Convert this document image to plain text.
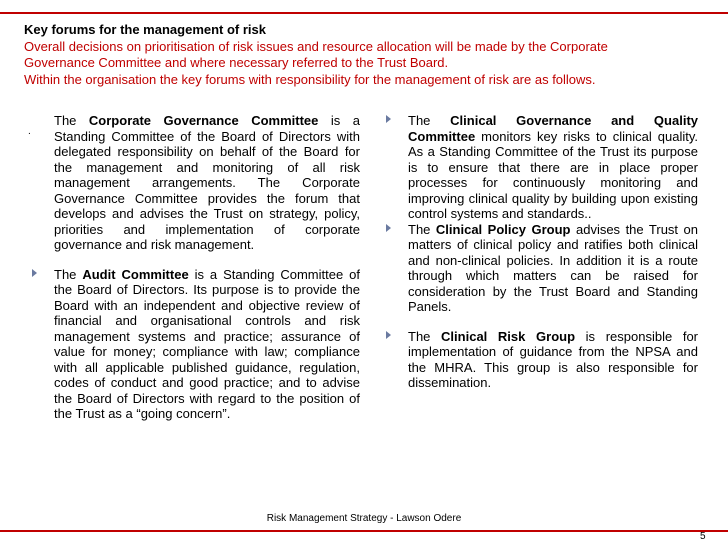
Key forums for the management of risk
Overall decisions on prioritisation of risk issues and resource allocation will be made by the Corporate
Governance Committee and where necessary referred to the Trust Board.
Within the organisation the key forums with responsibility for the management of risk are as follows.
.
The Corporate Governance Committee is a Standing Committee of the Board of Directors with delegated responsibility on behalf of the Board for the management and monitoring of all risk management arrangements. The Corporate Governance Committee provides the forum that develops and advises the Trust on strategy, policy, priorities and implementation of corporate governance and risk management.
The Audit Committee is a Standing Committee of the Board of Directors. Its purpose is to provide the Board with an independent and objective review of financial and organisational controls and risk management systems and practice; assurance of value for money; compliance with law; compliance with all applicable published guidance, regulation, codes of conduct and good practice; and to advise the Board of Directors with regard to the position of the Trust as a “going concern”.
The Clinical Governance and Quality Committee monitors key risks to clinical quality. As a Standing Committee of the Trust its purpose is to ensure that there are in place proper processes for continuously monitoring and improving clinical quality by building upon existing control systems and standards..
The Clinical Policy Group advises the Trust on matters of clinical policy and ratifies both clinical and non-clinical policies. In addition it is a route through which matters can be raised for consideration by the Trust Board and Standing Panels.
The Clinical Risk Group is responsible for implementation of guidance from the NPSA and the MHRA. This group is also responsible for dissemination.
Risk Management Strategy - Lawson Odere
5
